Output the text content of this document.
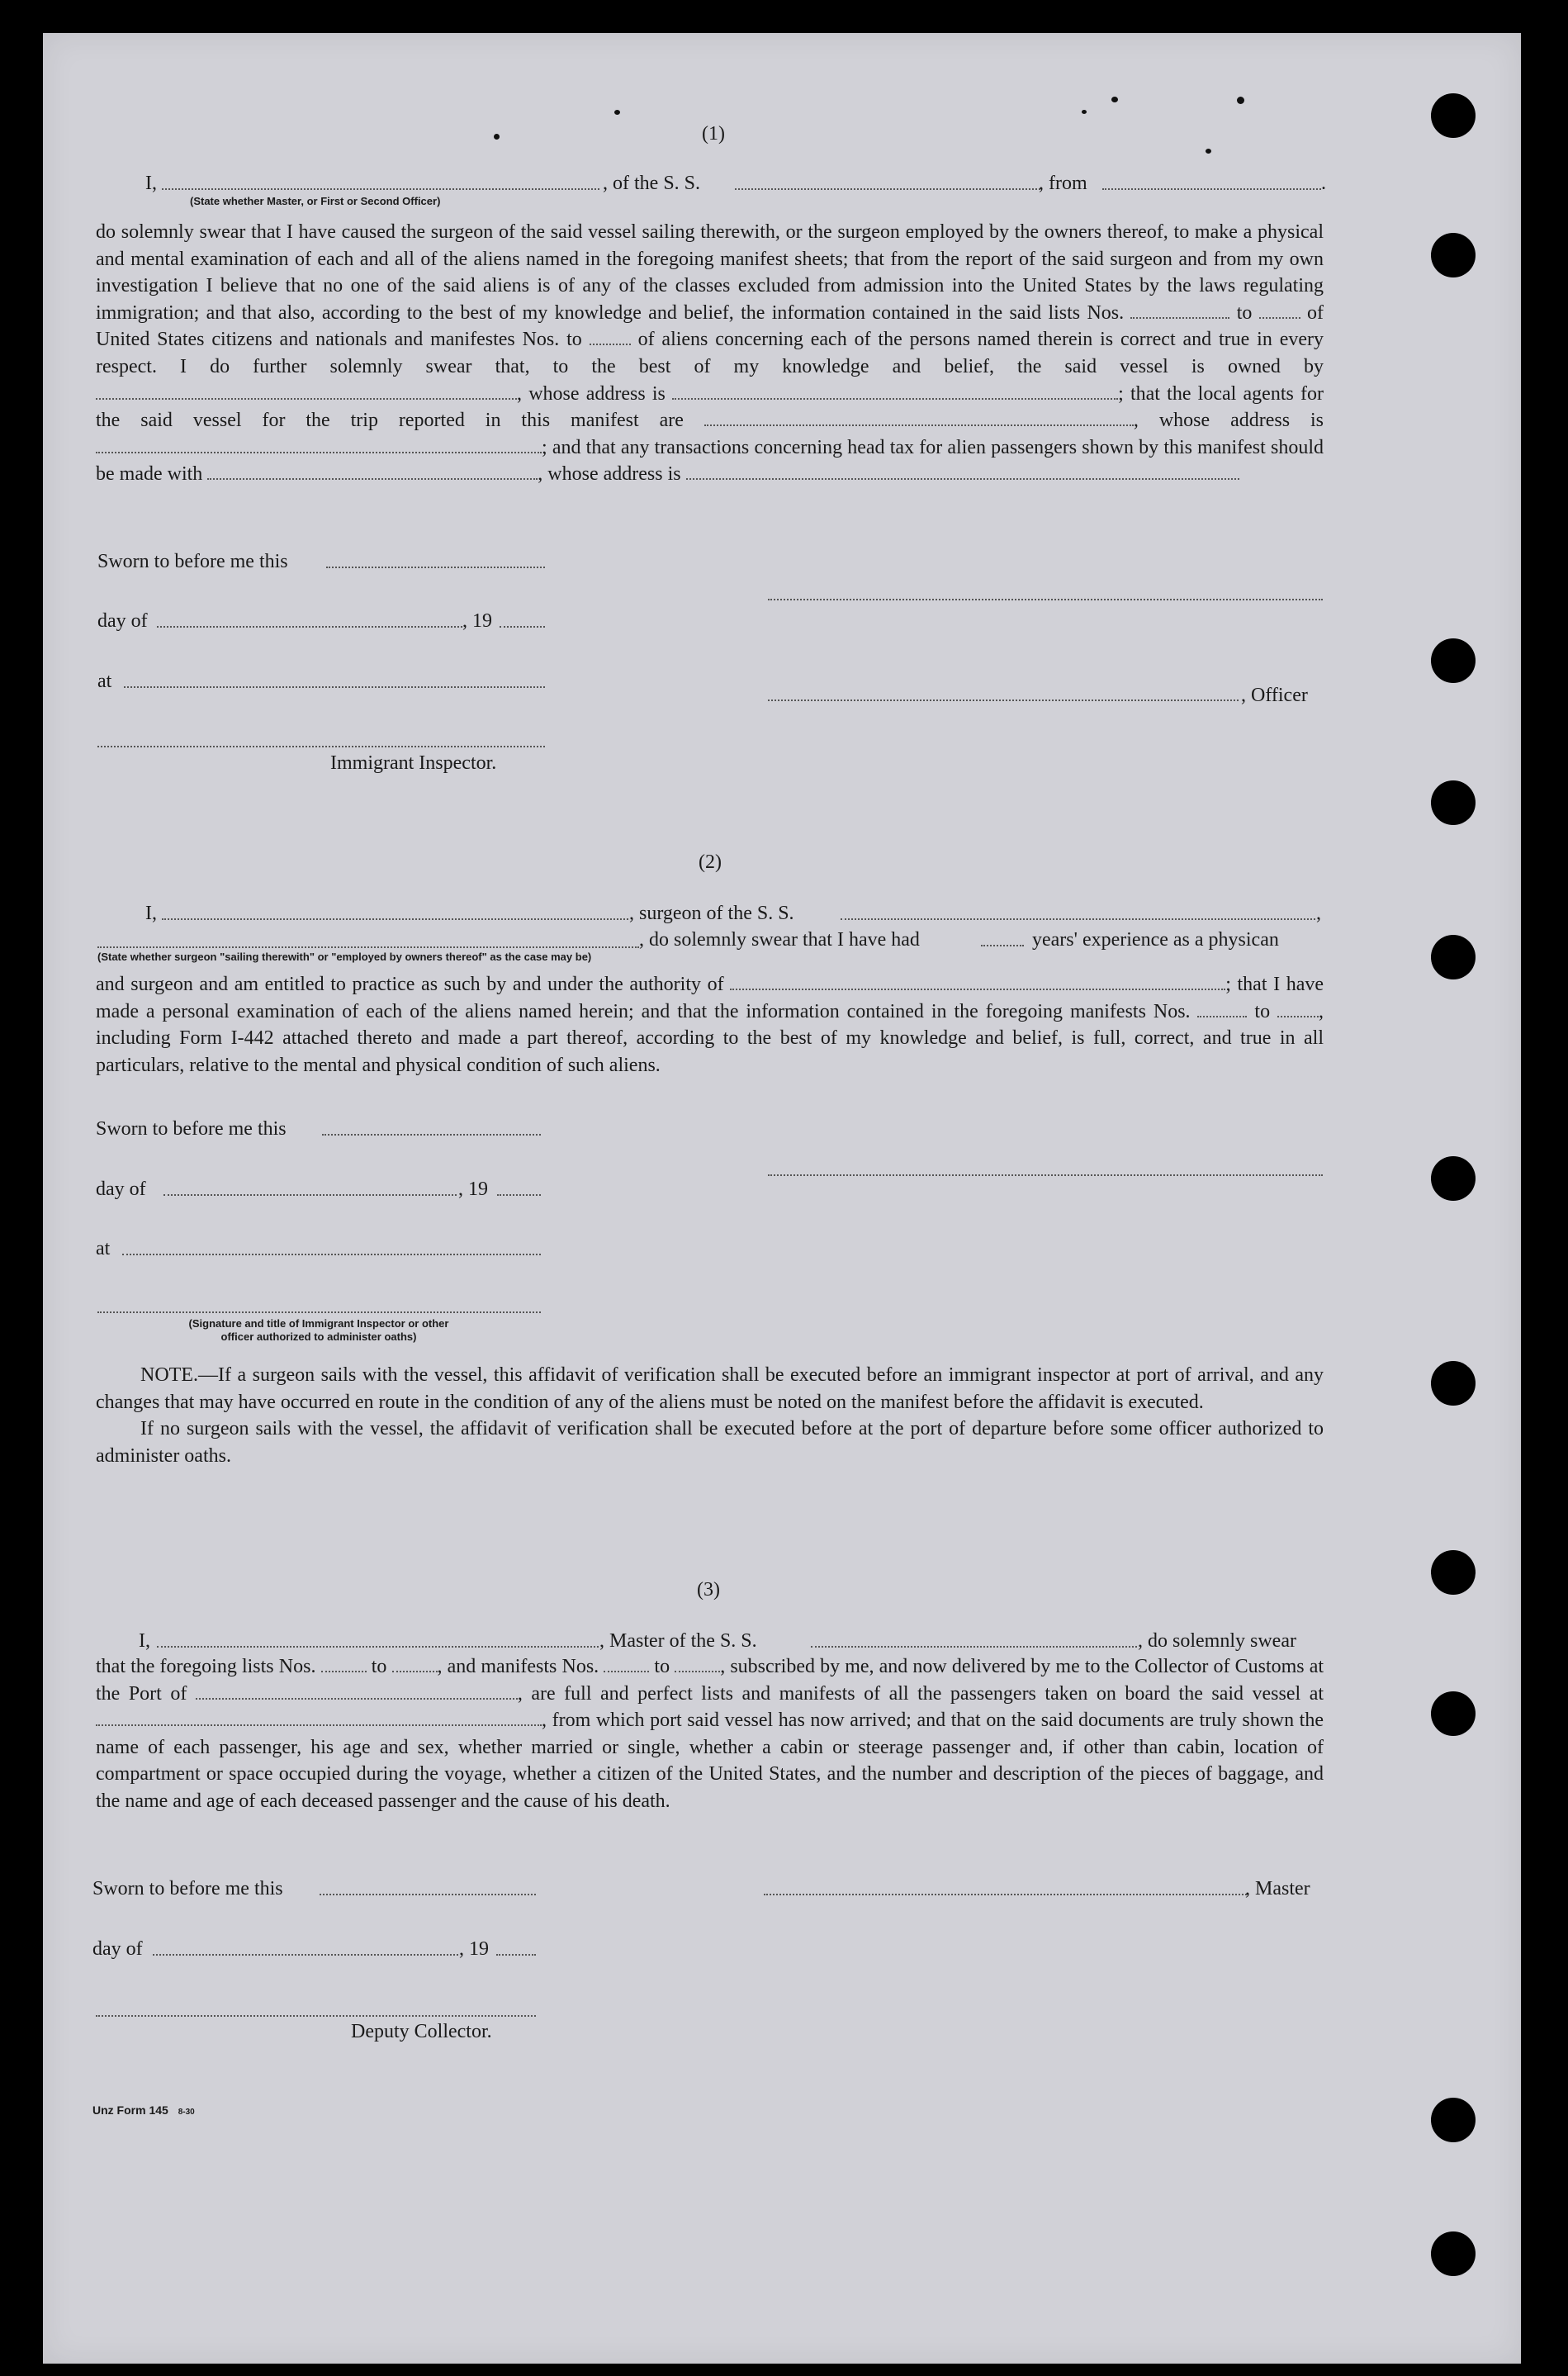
(1)
I,	, of the S. S.	, from	.
(State whether Master, or First or Second Officer)

do solemnly swear that I have caused the surgeon of the said vessel sailing therewith, or the surgeon employed by the owners thereof, to make a physical and mental examination of each and all of the aliens named in the foregoing manifest sheets; that from the report of the said surgeon and from my own investigation I believe that no one of the said aliens is of any of the classes excluded from admission into the United States by the laws regulating immigration; and that also, according to the best of my knowledge and belief, the information contained in the said lists Nos.	to	of United States citizens and nationals and manifestes Nos. to	of aliens concerning each of the persons named therein is correct and true in every respect. I do further solemnly swear that, to the best of my knowledge and belief, the said vessel is owned by , whose address is	; that the local agents for the said vessel for the trip reported in this manifest are	, whose address is ; and that any transactions concerning head tax for alien passengers shown by this manifest should be made with	, whose address is

Sworn to before me this
day of	, 19
at
, Officer
Immigrant Inspector.
(2)
I,	, surgeon of the S. S.	,
, do solemnly swear that I have had	years' experience as a physican
(State whether surgeon "sailing therewith" or "employed by owners thereof" as the case may be)

and surgeon and am entitled to practice as such by and under the authority of	; that I have made a personal examination of each of the aliens named herein; and that the information contained in the foregoing manifests Nos.	to , including Form I-442 attached thereto and made a part thereof, according to the best of my knowledge and belief, is full, correct, and true in all particulars, relative to the mental and physical condition of such aliens.

Sworn to before me this
day of	, 19
at
(Signature and title of Immigrant Inspector or other
officer authorized to administer oaths)

NOTE.—If a surgeon sails with the vessel, this affidavit of verification shall be executed before an immigrant inspector at port of arrival, and any changes that may have occurred en route in the condition of any of the aliens must be noted on the manifest before the affidavit is executed.

If no surgeon sails with the vessel, the affidavit of verification shall be executed before at the port of departure before some officer authorized to administer oaths.

(3)
I,	, Master of the S. S.	, do solemnly swear

that the foregoing lists Nos.	to	, and manifests Nos.	to	, subscribed by me, and now delivered by me to the Collector of Customs at the Port of	, are full and perfect lists and manifests of all the passengers taken on board the said vessel at , from which port said vessel has now arrived; and that on the said documents are truly shown the name of each passenger, his age and sex, whether married or single, whether a cabin or steerage passenger and, if other than cabin, location of compartment or space occupied during the voyage, whether a citizen of the United States, and the number and description of the pieces of baggage, and the name and age of each deceased passenger and the cause of his death.

Sworn to before me this	, Master
day of	, 19
Deputy Collector.
Unz Form 145 8-30
